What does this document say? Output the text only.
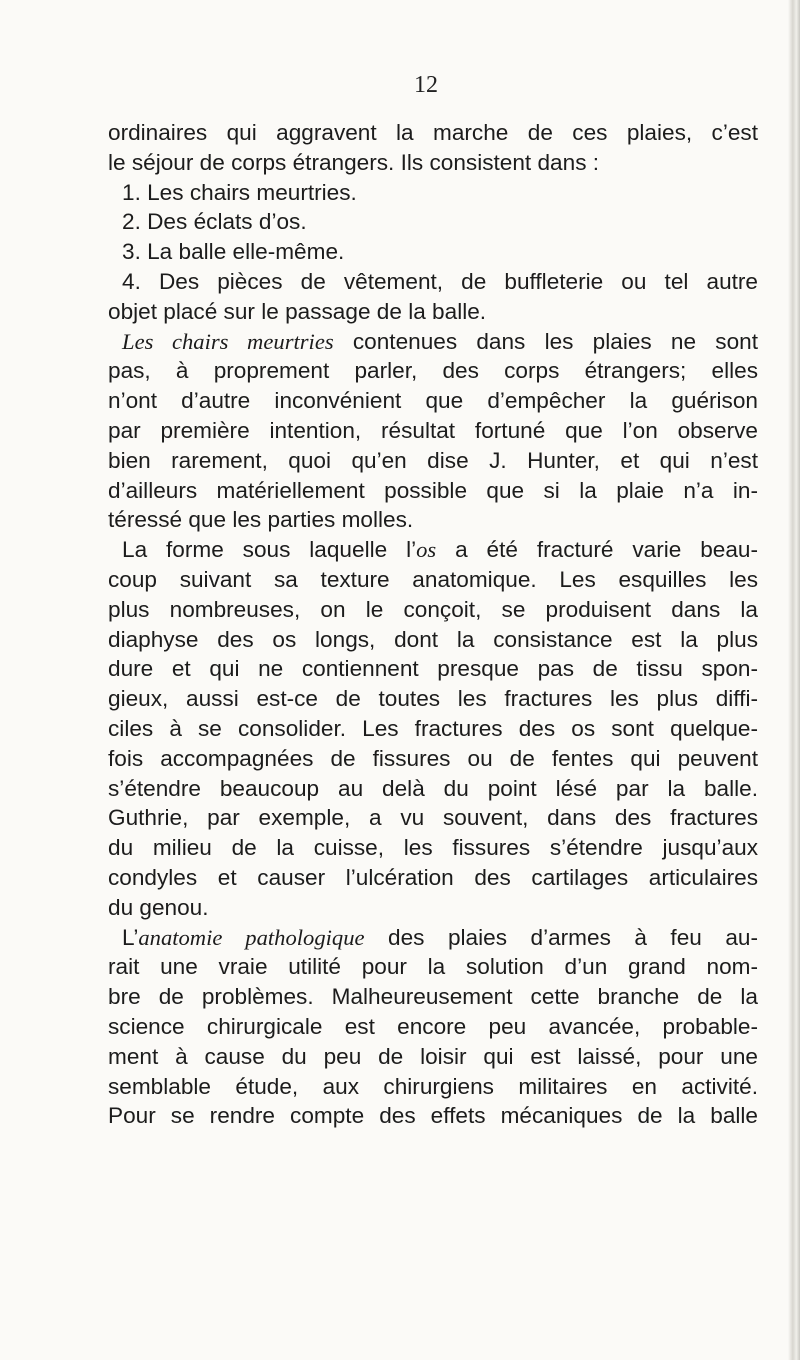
12
ordinaires qui aggravent la marche de ces plaies, c’est
le séjour de corps étrangers. Ils consistent dans :
1. Les chairs meurtries.
2. Des éclats d’os.
3. La balle elle-même.
4. Des pièces de vêtement, de buffleterie ou tel autre
objet placé sur le passage de la balle.
Les chairs meurtries contenues dans les plaies ne sont
pas, à proprement parler, des corps étrangers; elles
n’ont d’autre inconvénient que d’empêcher la guérison
par première intention, résultat fortuné que l’on observe
bien rarement, quoi qu’en dise J. Hunter, et qui n’est
d’ailleurs matériellement possible que si la plaie n’a in-
téressé que les parties molles.
La forme sous laquelle l’os a été fracturé varie beau-
coup suivant sa texture anatomique. Les esquilles les
plus nombreuses, on le conçoit, se produisent dans la
diaphyse des os longs, dont la consistance est la plus
dure et qui ne contiennent presque pas de tissu spon-
gieux, aussi est-ce de toutes les fractures les plus diffi-
ciles à se consolider. Les fractures des os sont quelque-
fois accompagnées de fissures ou de fentes qui peuvent
s’étendre beaucoup au delà du point lésé par la balle.
Guthrie, par exemple, a vu souvent, dans des fractures
du milieu de la cuisse, les fissures s’étendre jusqu’aux
condyles et causer l’ulcération des cartilages articulaires
du genou.
L’anatomie pathologique des plaies d’armes à feu au-
rait une vraie utilité pour la solution d’un grand nom-
bre de problèmes. Malheureusement cette branche de la
science chirurgicale est encore peu avancée, probable-
ment à cause du peu de loisir qui est laissé, pour une
semblable étude, aux chirurgiens militaires en activité.
Pour se rendre compte des effets mécaniques de la balle
